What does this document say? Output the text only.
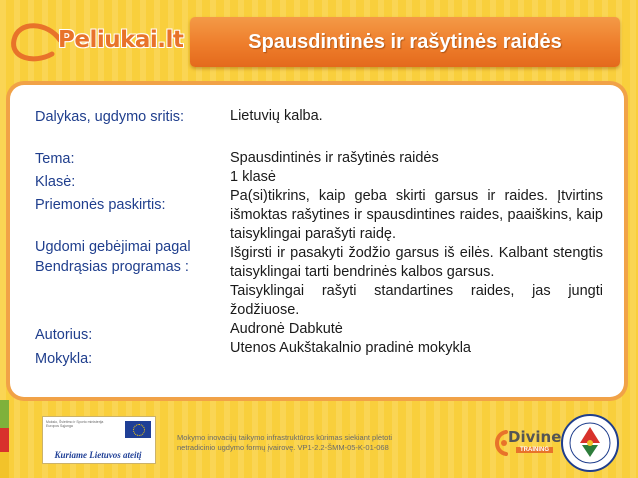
Peliukai.lt	Spausdintinės ir rašytinės raidės
Dalykas, ugdymo sritis:	Lietuvių kalba.
Tema:
Klasė:
Priemonės paskirtis:
Ugdomi gebėjimai pagal
Bendrąsias programas :
Autorius:
Mokykla:
Spausdintinės ir rašytinės raidės
1 klasė
Pa(si)tikrins, kaip geba skirti garsus ir raides. Įtvirtins išmoktas rašytines ir spausdintines raides, paaiškins, kaip taisyklingai parašyti raidę.
Išgirsti ir pasakyti žodžio garsus iš eilės. Kalbant stengtis taisyklingai tarti bendrinės kalbos garsus.
Taisyklingai rašyti standartines raides, jas jungti žodžiuose.
Audronė Dabkutė
Utenos Aukštakalnio pradinė mokykla
Mokslo, Švietimo ir Sporto ministerija Europos Sąjunga
Kuriame Lietuvos ateitį
Mokymo inovacijų taikymo infrastruktūros kūrimas siekiant plėtoti
netradicinio ugdymo formų įvairovę. VP1-2.2-ŠMM-05-K-01-068
Divine
TRAINING
